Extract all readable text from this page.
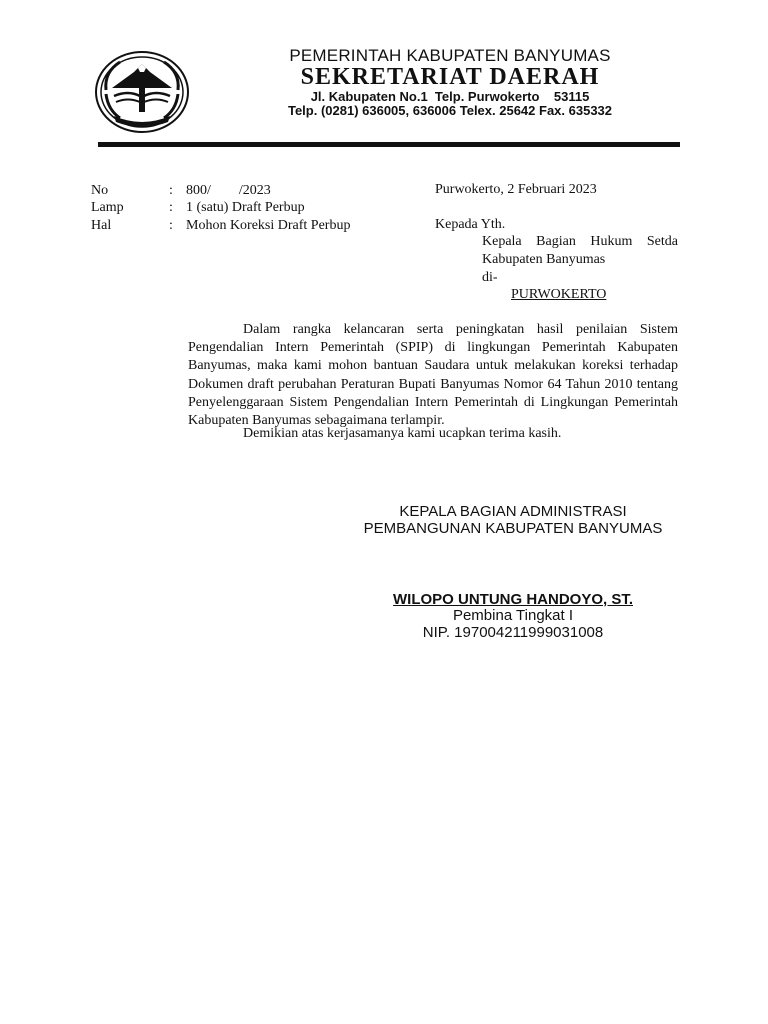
PEMERINTAH KABUPATEN BANYUMAS
SEKRETARIAT DAERAH
Jl. Kabupaten No.1  Telp. Purwokerto    53115
Telp. (0281) 636005, 636006 Telex. 25642 Fax. 635332
No	: 800/        /2023
Lamp	: 1 (satu) Draft Perbup
Hal	: Mohon Koreksi Draft Perbup
Purwokerto, 2 Februari 2023
Kepada Yth.
Kepala Bagian Hukum Setda
Kabupaten Banyumas
di-
PURWOKERTO
Dalam rangka kelancaran serta peningkatan hasil penilaian Sistem Pengendalian Intern Pemerintah (SPIP) di lingkungan Pemerintah Kabupaten Banyumas, maka kami mohon bantuan Saudara untuk melakukan koreksi terhadap Dokumen draft perubahan Peraturan Bupati Banyumas Nomor 64 Tahun 2010 tentang Penyelenggaraan Sistem Pengendalian Intern Pemerintah di Lingkungan Pemerintah Kabupaten Banyumas sebagaimana terlampir.
Demikian atas kerjasamanya kami ucapkan terima kasih.
KEPALA BAGIAN ADMINISTRASI
PEMBANGUNAN KABUPATEN BANYUMAS
WILOPO UNTUNG HANDOYO, ST.
Pembina Tingkat I
NIP. 197004211999031008
